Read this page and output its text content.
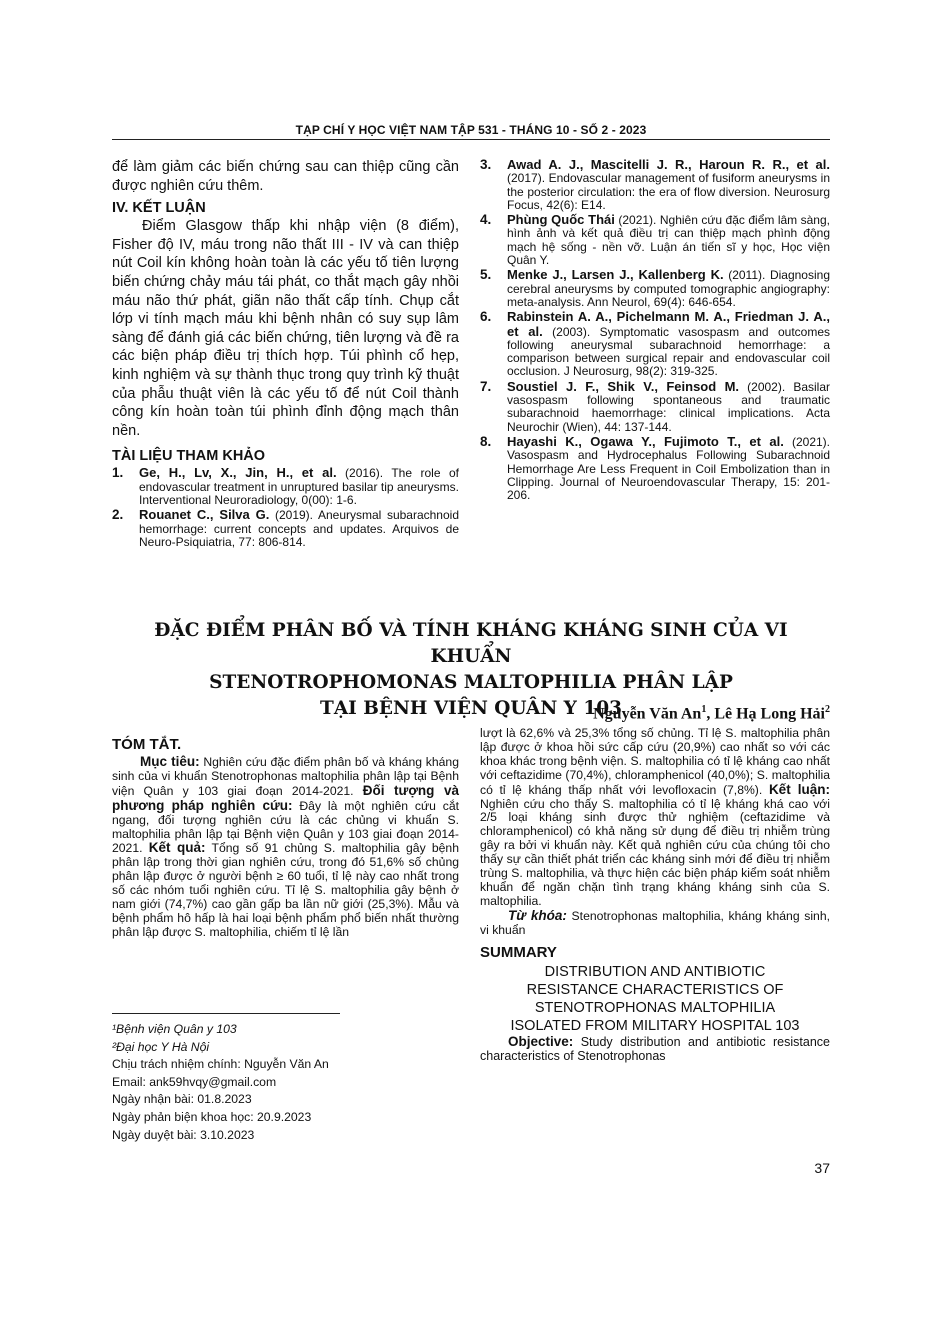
TẠP CHÍ Y HỌC VIỆT NAM TẬP 531 - THÁNG 10 - SỐ 2 - 2023

để làm giảm các biến chứng sau can thiệp cũng cần được nghiên cứu thêm.

IV. KẾT LUẬN

Điểm Glasgow thấp khi nhập viện (8 điểm), Fisher độ IV, máu trong não thất III - IV và can thiệp nút Coil kín không hoàn toàn là các yếu tố tiên lượng biến chứng chảy máu tái phát, co thắt mạch gây nhồi máu não thứ phát, giãn não thất cấp tính. Chụp cắt lớp vi tính mạch máu khi bệnh nhân có suy sụp lâm sàng để đánh giá các biến chứng, tiên lượng và đề ra các biện pháp điều trị thích hợp. Túi phình cổ hẹp, kinh nghiệm và sự thành thục trong quy trình kỹ thuật của phẫu thuật viên là các yếu tố để nút Coil thành công kín hoàn toàn túi phình đỉnh động mạch thân nền.

TÀI LIỆU THAM KHẢO
1.	Ge, H., Lv, X., Jin, H., et al. (2016). The role of endovascular treatment in unruptured basilar tip aneurysms. Interventional Neuroradiology, 0(00): 1-6.
2.	Rouanet C., Silva G. (2019). Aneurysmal subarachnoid hemorrhage: current concepts and updates. Arquivos de Neuro-Psiquiatria, 77: 806-814.
3.	Awad A. J., Mascitelli J. R., Haroun R. R., et al. (2017). Endovascular management of fusiform aneurysms in the posterior circulation: the era of flow diversion. Neurosurg Focus, 42(6): E14.
4.	Phùng Quốc Thái (2021). Nghiên cứu đặc điểm lâm sàng, hình ảnh và kết quả điều trị can thiệp mạch phình động mạch hệ sống - nền vỡ. Luận án tiến sĩ y học, Học viện Quân Y.
5.	Menke J., Larsen J., Kallenberg K. (2011). Diagnosing cerebral aneurysms by computed tomographic angiography: meta-analysis. Ann Neurol, 69(4): 646-654.
6.	Rabinstein A. A., Pichelmann M. A., Friedman J. A., et al. (2003). Symptomatic vasospasm and outcomes following aneurysmal subarachnoid hemorrhage: a comparison between surgical repair and endovascular coil occlusion. J Neurosurg, 98(2): 319-325.
7.	Soustiel J. F., Shik V., Feinsod M. (2002). Basilar vasospasm following spontaneous and traumatic subarachnoid haemorrhage: clinical implications. Acta Neurochir (Wien), 44: 137-144.
8.	Hayashi K., Ogawa Y., Fujimoto T., et al. (2021). Vasospasm and Hydrocephalus Following Subarachnoid Hemorrhage Are Less Frequent in Coil Embolization than in Clipping. Journal of Neuroendovascular Therapy, 15: 201-206.
ĐẶC ĐIỂM PHÂN BỐ VÀ TÍNH KHÁNG KHÁNG SINH CỦA VI KHUẨN
STENOTROPHOMONAS MALTOPHILIA PHÂN LẬP
TẠI BỆNH VIỆN QUÂN Y 103
Nguyễn Văn An$^1$, Lê Hạ Long Hải$^2$
TÓM TẮT.

Mục tiêu: Nghiên cứu đặc điểm phân bố và kháng kháng sinh của vi khuẩn Stenotrophonas maltophilia phân lập tại Bệnh viện Quân y 103 giai đoạn 2014-2021. Đối tượng và phương pháp nghiên cứu: Đây là một nghiên cứu cắt ngang, đối tượng nghiên cứu là các chủng vi khuẩn S. maltophilia phân lập tại Bệnh viện Quân y 103 giai đoạn 2014-2021. Kết quả: Tổng số 91 chủng S. maltophilia gây bệnh phân lập trong thời gian nghiên cứu, trong đó 51,6% số chủng phân lập được ở người bệnh ≥ 60 tuổi, tỉ lệ này cao nhất trong số các nhóm tuổi nghiên cứu. Tỉ lệ S. maltophilia gây bệnh ở nam giới (74,7%) cao gần gấp ba lần nữ giới (25,3%). Mẫu và bệnh phẩm hô hấp là hai loại bệnh phẩm phổ biến nhất thường phân lập được S. maltophilia, chiếm tỉ lệ lần

lượt là 62,6% và 25,3% tổng số chủng. Tỉ lệ S. maltophilia phân lập được ở khoa hồi sức cấp cứu (20,9%) cao nhất so với các khoa khác trong bệnh viện. S. maltophilia có tỉ lệ kháng cao nhất với ceftazidime (70,4%), chloramphenicol (40,0%); S. maltophilia có tỉ lệ kháng thấp nhất với levofloxacin (7,8%). Kết luận: Nghiên cứu cho thấy S. maltophilia có tỉ lệ kháng khá cao với 2/5 loại kháng sinh được thử nghiệm (ceftazidime và chloramphenicol) có khả năng sử dụng để điều trị nhiễm trùng gây ra bởi vi khuẩn này. Kết quả nghiên cứu của chúng tôi cho thấy sự cần thiết phát triển các kháng sinh mới để điều trị nhiễm trùng S. maltophilia, và thực hiện các biện pháp kiểm soát nhiễm khuẩn để ngăn chặn tình trạng kháng kháng sinh của S. maltophilia.

Từ khóa: Stenotrophonas maltophilia, kháng kháng sinh, vi khuẩn

SUMMARY
DISTRIBUTION AND ANTIBIOTIC
RESISTANCE CHARACTERISTICS OF
STENOTROPHONAS MALTOPHILIA
ISOLATED FROM MILITARY HOSPITAL 103

Objective: Study distribution and antibiotic resistance characteristics of Stenotrophonas

¹Bệnh viện Quân y 103
²Đại học Y Hà Nội
Chịu trách nhiệm chính: Nguyễn Văn An
Email: ank59hvqy@gmail.com
Ngày nhận bài: 01.8.2023
Ngày phản biện khoa học: 20.9.2023
Ngày duyệt bài: 3.10.2023
37
